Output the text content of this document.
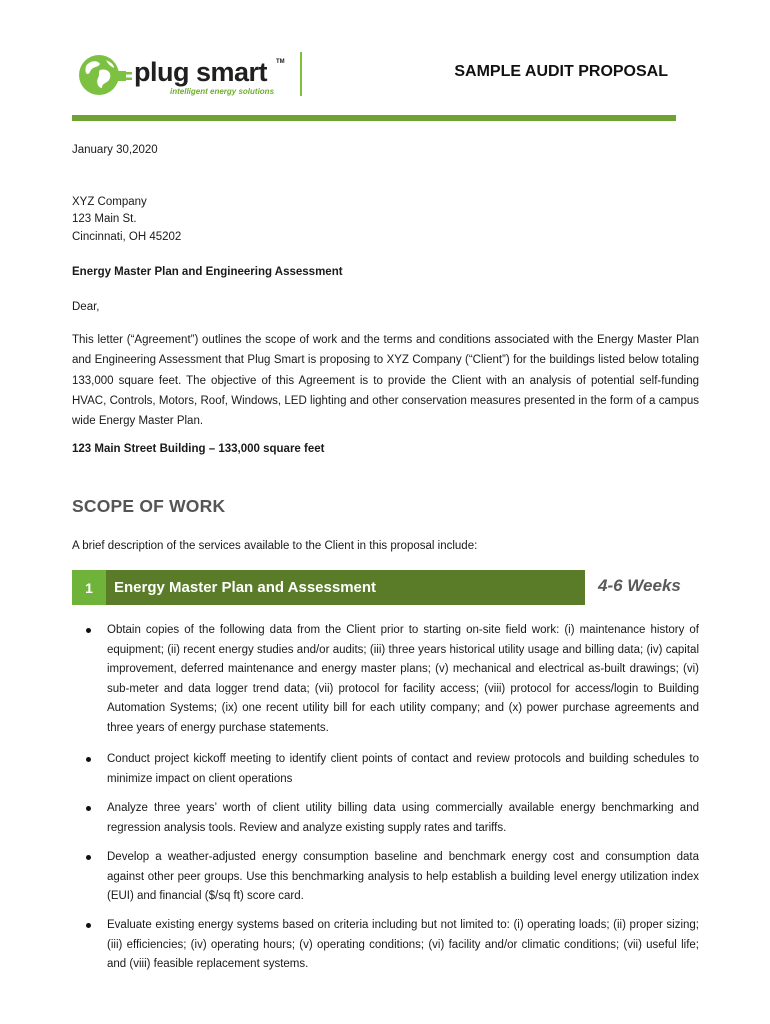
plug smart TM
intelligent energy solutions
SAMPLE AUDIT PROPOSAL
January 30,2020
XYZ Company
123 Main St.
Cincinnati, OH 45202
Energy Master Plan and Engineering Assessment
Dear,

This letter (“Agreement”) outlines the scope of work and the terms and conditions associated with the Energy Master Plan and Engineering Assessment that Plug Smart is proposing to XYZ Company (“Client”) for the buildings listed below totaling 133,000 square feet. The objective of this Agreement is to provide the Client with an analysis of potential self-funding HVAC, Controls, Motors, Roof, Windows, LED lighting and other conservation measures presented in the form of a campus wide Energy Master Plan.

123 Main Street Building – 133,000 square feet
SCOPE OF WORK
A brief description of the services available to the Client in this proposal include:
1	Energy Master Plan and Assessment	4-6 Weeks

Obtain copies of the following data from the Client prior to starting on-site field work: (i) maintenance history of equipment; (ii) recent energy studies and/or audits; (iii) three years historical utility usage and billing data; (iv) capital improvement, deferred maintenance and energy master plans; (v) mechanical and electrical as-built drawings; (vi) sub-meter and data logger trend data; (vii) protocol for facility access; (viii) protocol for access/login to Building Automation Systems; (ix) one recent utility bill for each utility company; and (x) power purchase agreements and three years of energy purchase statements.

Conduct project kickoff meeting to identify client points of contact and review protocols and building schedules to minimize impact on client operations

Analyze three years’ worth of client utility billing data using commercially available energy benchmarking and regression analysis tools. Review and analyze existing supply rates and tariffs.

Develop a weather-adjusted energy consumption baseline and benchmark energy cost and consumption data against other peer groups. Use this benchmarking analysis to help establish a building level energy utilization index (EUI) and financial ($/sq ft) score card.

Evaluate existing energy systems based on criteria including but not limited to: (i) operating loads; (ii) proper sizing; (iii) efficiencies; (iv) operating hours; (v) operating conditions; (vi) facility and/or climatic conditions; (vii) useful life; and (viii) feasible replacement systems.
